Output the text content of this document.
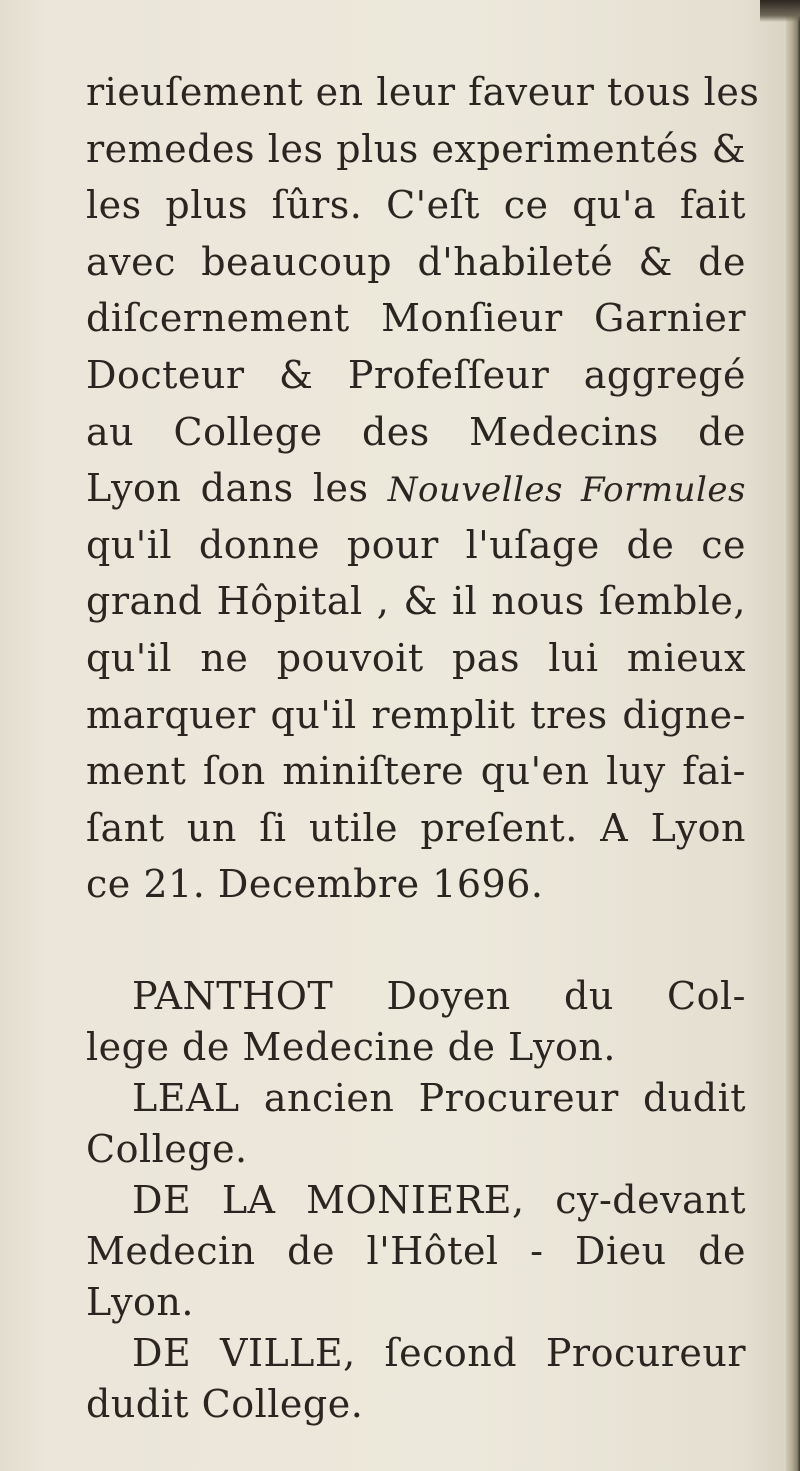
rieuſement en leur faveur tous les
remedes les plus experimentés &
les plus ſûrs. C'eſt ce qu'a fait
avec beaucoup d'habileté & de
diſcernement Monſieur Garnier
Docteur & Profeſſeur aggregé
au College des Medecins de
Lyon dans les Nouvelles Formules
qu'il donne pour l'uſage de ce
grand Hôpital , & il nous ſemble,
qu'il ne pouvoit pas lui mieux
marquer qu'il remplit tres digne-
ment ſon miniſtere qu'en luy fai-
ſant un ſi utile preſent. A Lyon
ce 21. Decembre 1696.
PANTHOT Doyen du Col-
lege de Medecine de Lyon.
LEAL ancien Procureur dudit
College.
DE LA MONIERE, cy-devant
Medecin de l'Hôtel - Dieu de
Lyon.
DE VILLE, ſecond Procureur
dudit College.
